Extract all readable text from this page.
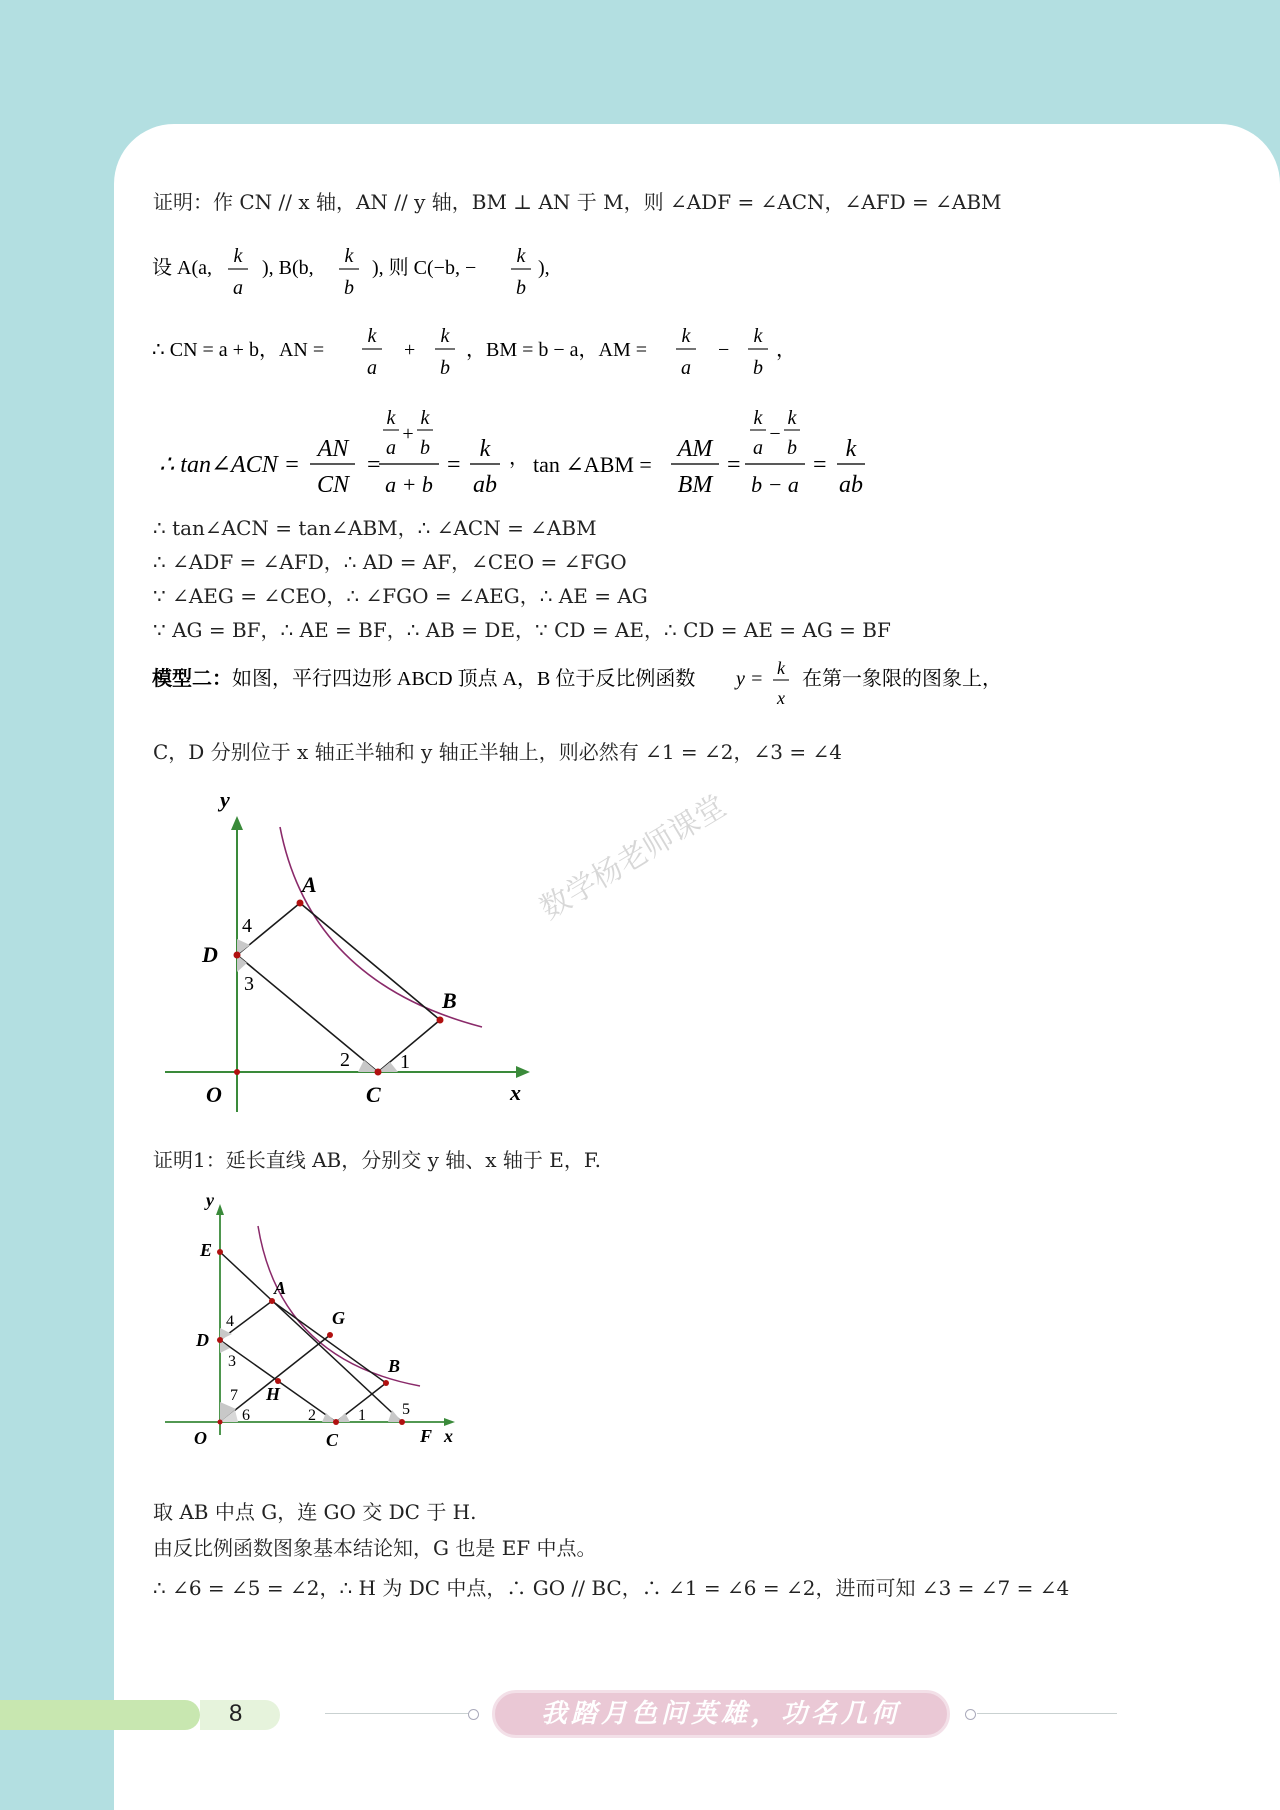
证明：作 CN // x 轴，AN // y 轴，BM ⊥ AN 于 M，则 ∠ADF = ∠ACN，∠AFD = ∠ABM
设 A(a,
k
a
), B(b,
k
b
), 则 C(−b, −
k
b
),
∴ CN = a + b，AN =
k
a
+
k
b
，BM = b − a，AM =
k
a
−
k
b
，
∴ tan∠ACN =
AN
CN
=
k
a
+
k
b
a + b
=
k
ab
， tan ∠ABM =
AM
BM
=
k
a
−
k
b
b − a
=
k
ab
∴ tan∠ACN = tan∠ABM，∴ ∠ACN = ∠ABM
∴ ∠ADF = ∠AFD，∴ AD = AF，∠CEO = ∠FGO
∵ ∠AEG = ∠CEO，∴ ∠FGO = ∠AEG，∴ AE = AG
∵ AG = BF，∴ AE = BF，∴ AB = DE，∵ CD = AE，∴ CD = AE = AG = BF
模型二： 如图，平行四边形 ABCD 顶点 A，B 位于反比例函数 y = k
x
在第一象限的图象上，
C，D 分别位于 x 轴正半轴和 y 轴正半轴上，则必然有 ∠1 = ∠2，∠3 = ∠4
y
x
O
A
B
C
D
4
3
2	1
数学杨老师课堂
证明1：延长直线 AB，分别交 y 轴、x 轴于 E，F.
y
x
O
E
A
G
B
H
D
C	F
4
3
7
6	2	1 5
取 AB 中点 G，连 GO 交 DC 于 H.
由反比例函数图象基本结论知，G 也是 EF 中点。
∴ ∠6 = ∠5 = ∠2，∴ H 为 DC 中点，∴ GO // BC，∴ ∠1 = ∠6 = ∠2，进而可知 ∠3 = ∠7 = ∠4
8	我踏月色问英雄，功名几何
